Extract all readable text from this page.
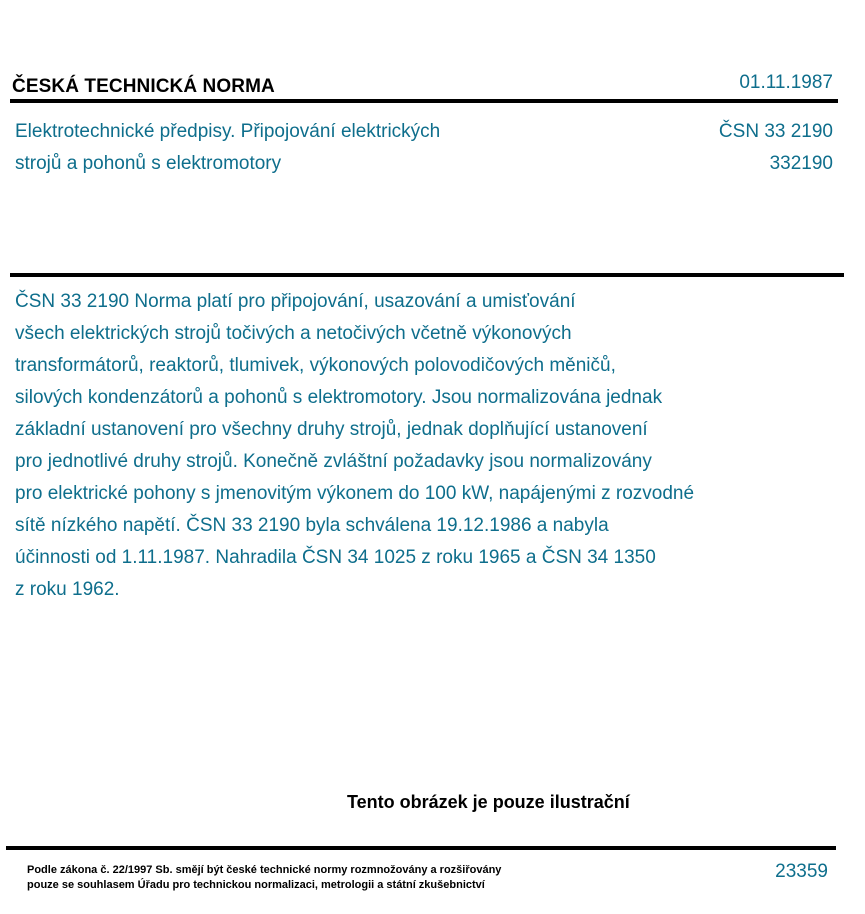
ČESKÁ TECHNICKÁ NORMA	01.11.1987
Elektrotechnické předpisy. Připojování elektrických
strojů a pohonů s elektromotory
ČSN 33 2190
332190
ČSN 33 2190 Norma platí pro připojování, usazování a umisťování
všech elektrických strojů točivých a netočivých včetně výkonových
transformátorů, reaktorů, tlumivek, výkonových polovodičových měničů,
silových kondenzátorů a pohonů s elektromotory. Jsou normalizována jednak
základní ustanovení pro všechny druhy strojů, jednak doplňující ustanovení
pro jednotlivé druhy strojů. Konečně zvláštní požadavky jsou normalizovány
pro elektrické pohony s jmenovitým výkonem do 100 kW, napájenými z rozvodné
sítě nízkého napětí. ČSN 33 2190 byla schválena 19.12.1986 a nabyla
účinnosti od 1.11.1987. Nahradila ČSN 34 1025 z roku 1965 a ČSN 34 1350
z roku 1962.
Tento obrázek je pouze ilustrační
Podle zákona č. 22/1997 Sb. smějí být české technické normy rozmnožovány a rozšiřovány
pouze se souhlasem Úřadu pro technickou normalizaci, metrologii a státní zkušebnictví
23359
